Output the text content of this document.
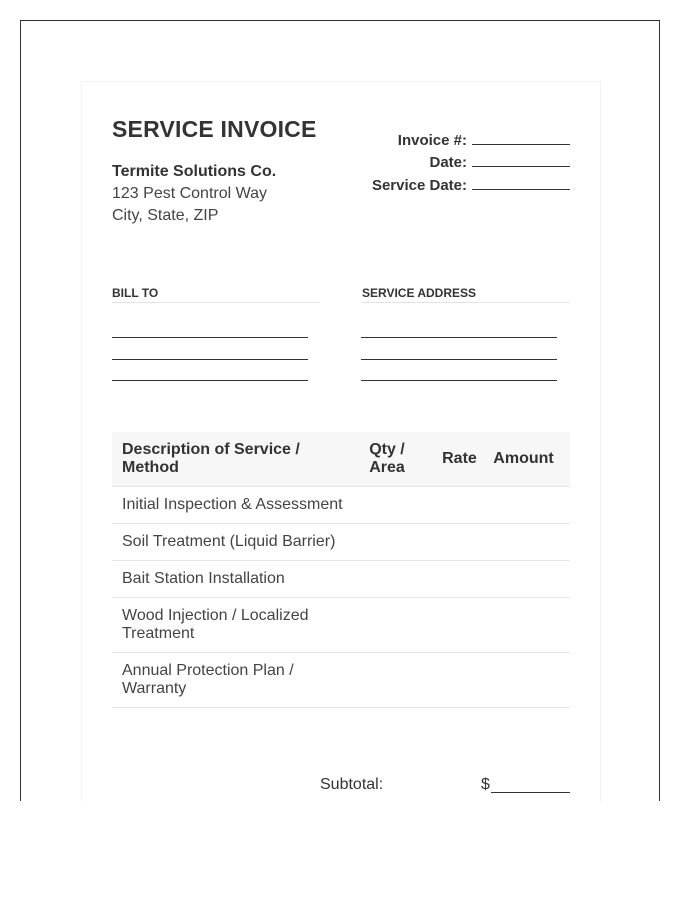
SERVICE INVOICE
Termite Solutions Co.
123 Pest Control Way
City, State, ZIP
Invoice #:
Date:
Service Date:
BILL TO	SERVICE ADDRESS
Description of Service / Method	Qty / Area	Rate	Amount
Initial Inspection & Assessment			
Soil Treatment (Liquid Barrier)			
Bait Station Installation			
Wood Injection / Localized Treatment			
Annual Protection Plan / Warranty			
Subtotal:	$
